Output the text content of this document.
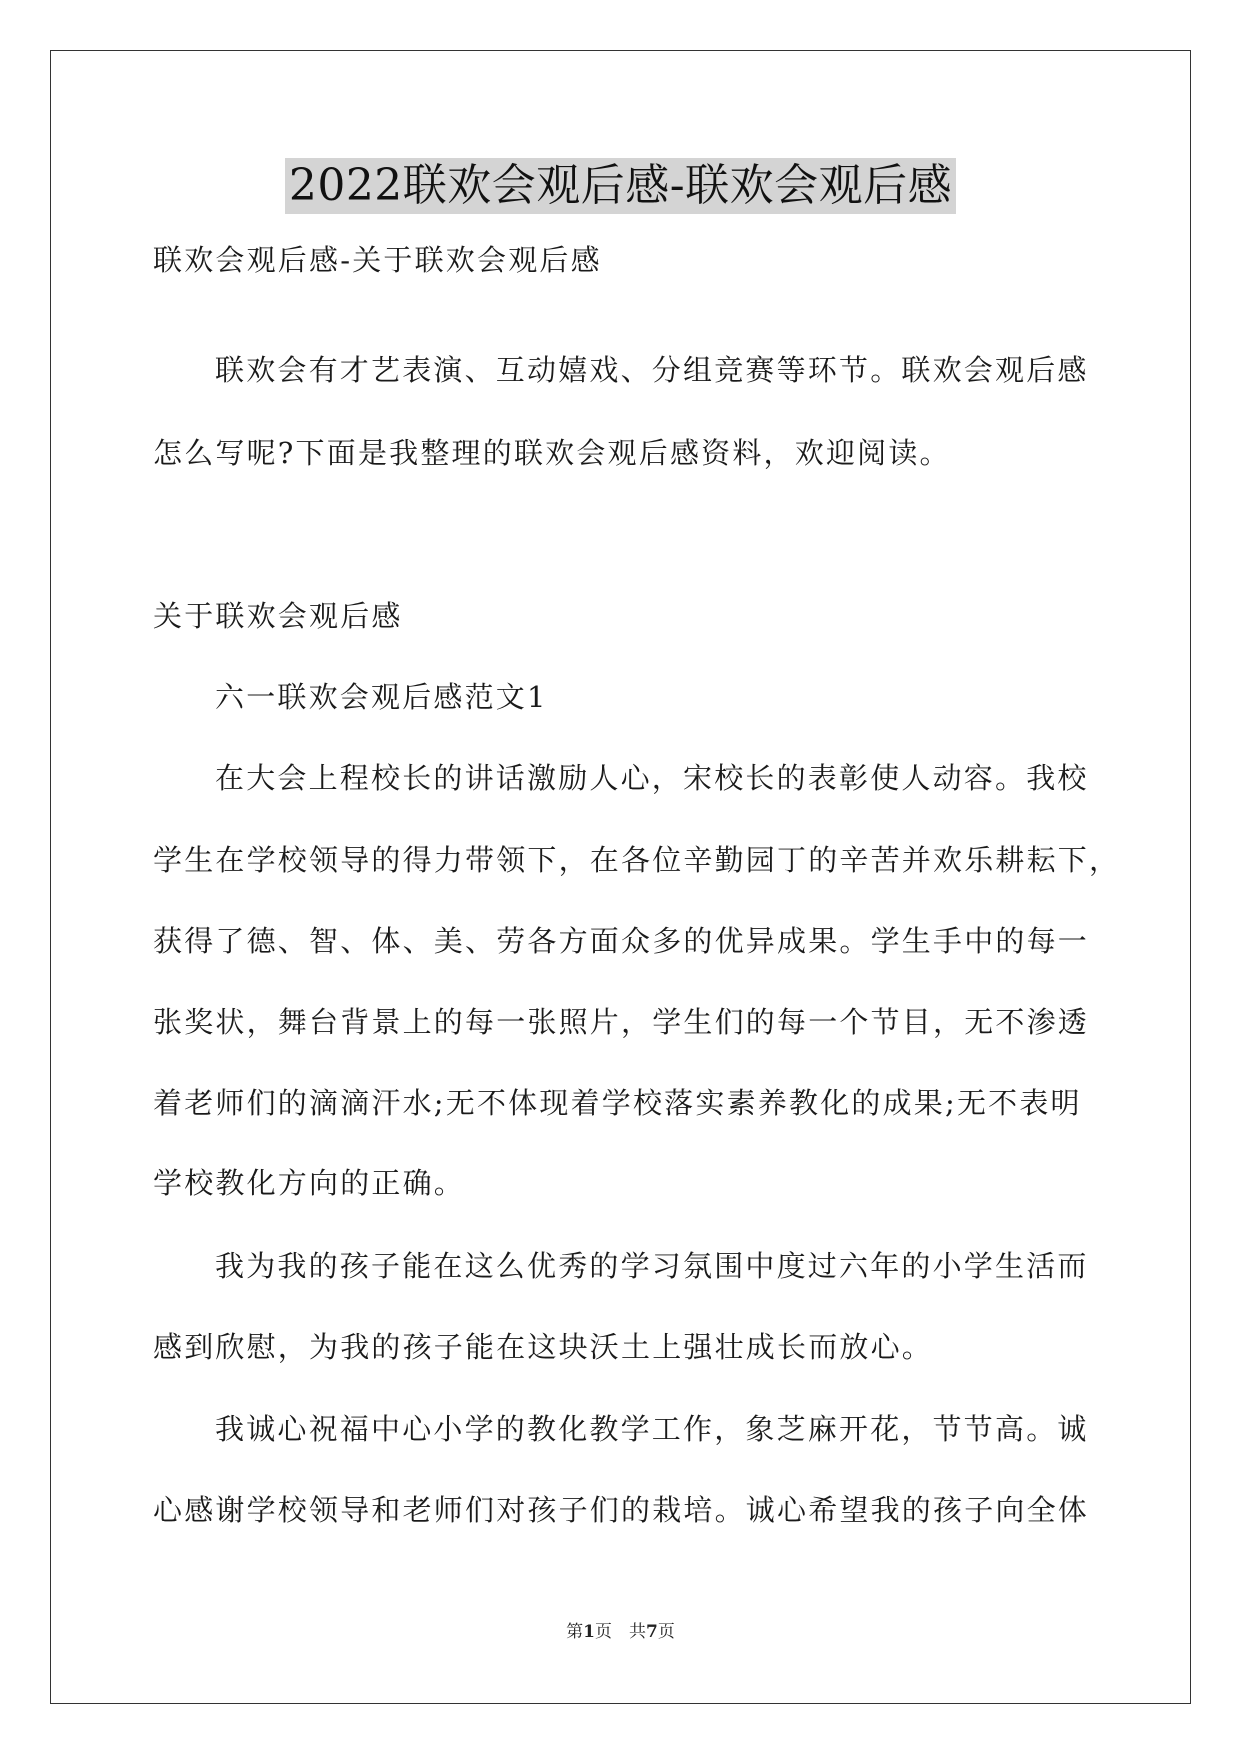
2022联欢会观后感-联欢会观后感
联欢会观后感-关于联欢会观后感
联欢会有才艺表演、互动嬉戏、分组竞赛等环节。联欢会观后感
怎么写呢?下面是我整理的联欢会观后感资料，欢迎阅读。
关于联欢会观后感
六一联欢会观后感范文1
在大会上程校长的讲话激励人心，宋校长的表彰使人动容。我校
学生在学校领导的得力带领下，在各位辛勤园丁的辛苦并欢乐耕耘下，
获得了德、智、体、美、劳各方面众多的优异成果。学生手中的每一
张奖状，舞台背景上的每一张照片，学生们的每一个节目，无不渗透
着老师们的滴滴汗水;无不体现着学校落实素养教化的成果;无不表明
学校教化方向的正确。
我为我的孩子能在这么优秀的学习氛围中度过六年的小学生活而
感到欣慰，为我的孩子能在这块沃土上强壮成长而放心。
我诚心祝福中心小学的教化教学工作，象芝麻开花，节节高。诚
心感谢学校领导和老师们对孩子们的栽培。诚心希望我的孩子向全体
第1页　共7页
